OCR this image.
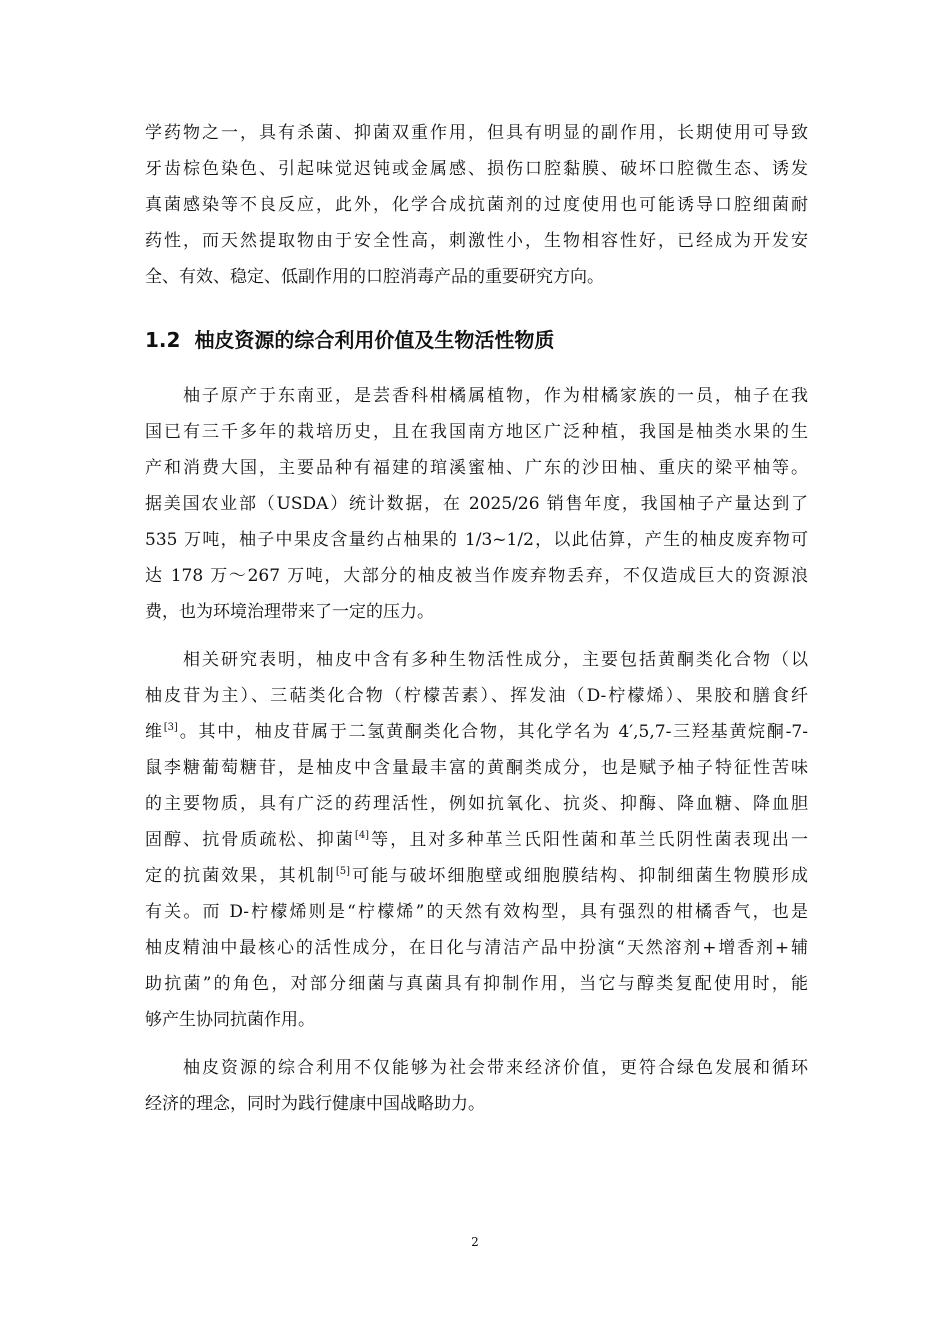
学药物之一，具有杀菌、抑菌双重作用，但具有明显的副作用，长期使用可导致
牙齿棕色染色、引起味觉迟钝或金属感、损伤口腔黏膜、破坏口腔微生态、诱发
真菌感染等不良反应，此外，化学合成抗菌剂的过度使用也可能诱导口腔细菌耐
药性，而天然提取物由于安全性高，刺激性小，生物相容性好，已经成为开发安
全、有效、稳定、低副作用的口腔消毒产品的重要研究方向。
1.2 柚皮资源的综合利用价值及生物活性物质
柚子原产于东南亚，是芸香科柑橘属植物，作为柑橘家族的一员，柚子在我
国已有三千多年的栽培历史，且在我国南方地区广泛种植，我国是柚类水果的生
产和消费大国，主要品种有福建的琯溪蜜柚、广东的沙田柚、重庆的梁平柚等。
据美国农业部（USDA）统计数据，在 2025/26 销售年度，我国柚子产量达到了
535 万吨，柚子中果皮含量约占柚果的 1/3~1/2，以此估算，产生的柚皮废弃物可
达 178 万～267 万吨，大部分的柚皮被当作废弃物丢弃，不仅造成巨大的资源浪
费，也为环境治理带来了一定的压力。
相关研究表明，柚皮中含有多种生物活性成分，主要包括黄酮类化合物（以
柚皮苷为主）、三萜类化合物（柠檬苦素）、挥发油（D-柠檬烯）、果胶和膳食纤
维[3]。其中，柚皮苷属于二氢黄酮类化合物，其化学名为 4′,5,7-三羟基黄烷酮-7-
鼠李糖葡萄糖苷，是柚皮中含量最丰富的黄酮类成分，也是赋予柚子特征性苦味
的主要物质，具有广泛的药理活性，例如抗氧化、抗炎、抑酶、降血糖、降血胆
固醇、抗骨质疏松、抑菌[4]等，且对多种革兰氏阳性菌和革兰氏阴性菌表现出一
定的抗菌效果，其机制[5]可能与破坏细胞壁或细胞膜结构、抑制细菌生物膜形成
有关。而 D-柠檬烯则是“柠檬烯”的天然有效构型，具有强烈的柑橘香气，也是
柚皮精油中最核心的活性成分，在日化与清洁产品中扮演“天然溶剂+增香剂+辅
助抗菌”的角色，对部分细菌与真菌具有抑制作用，当它与醇类复配使用时，能
够产生协同抗菌作用。
柚皮资源的综合利用不仅能够为社会带来经济价值，更符合绿色发展和循环
经济的理念，同时为践行健康中国战略助力。
2
